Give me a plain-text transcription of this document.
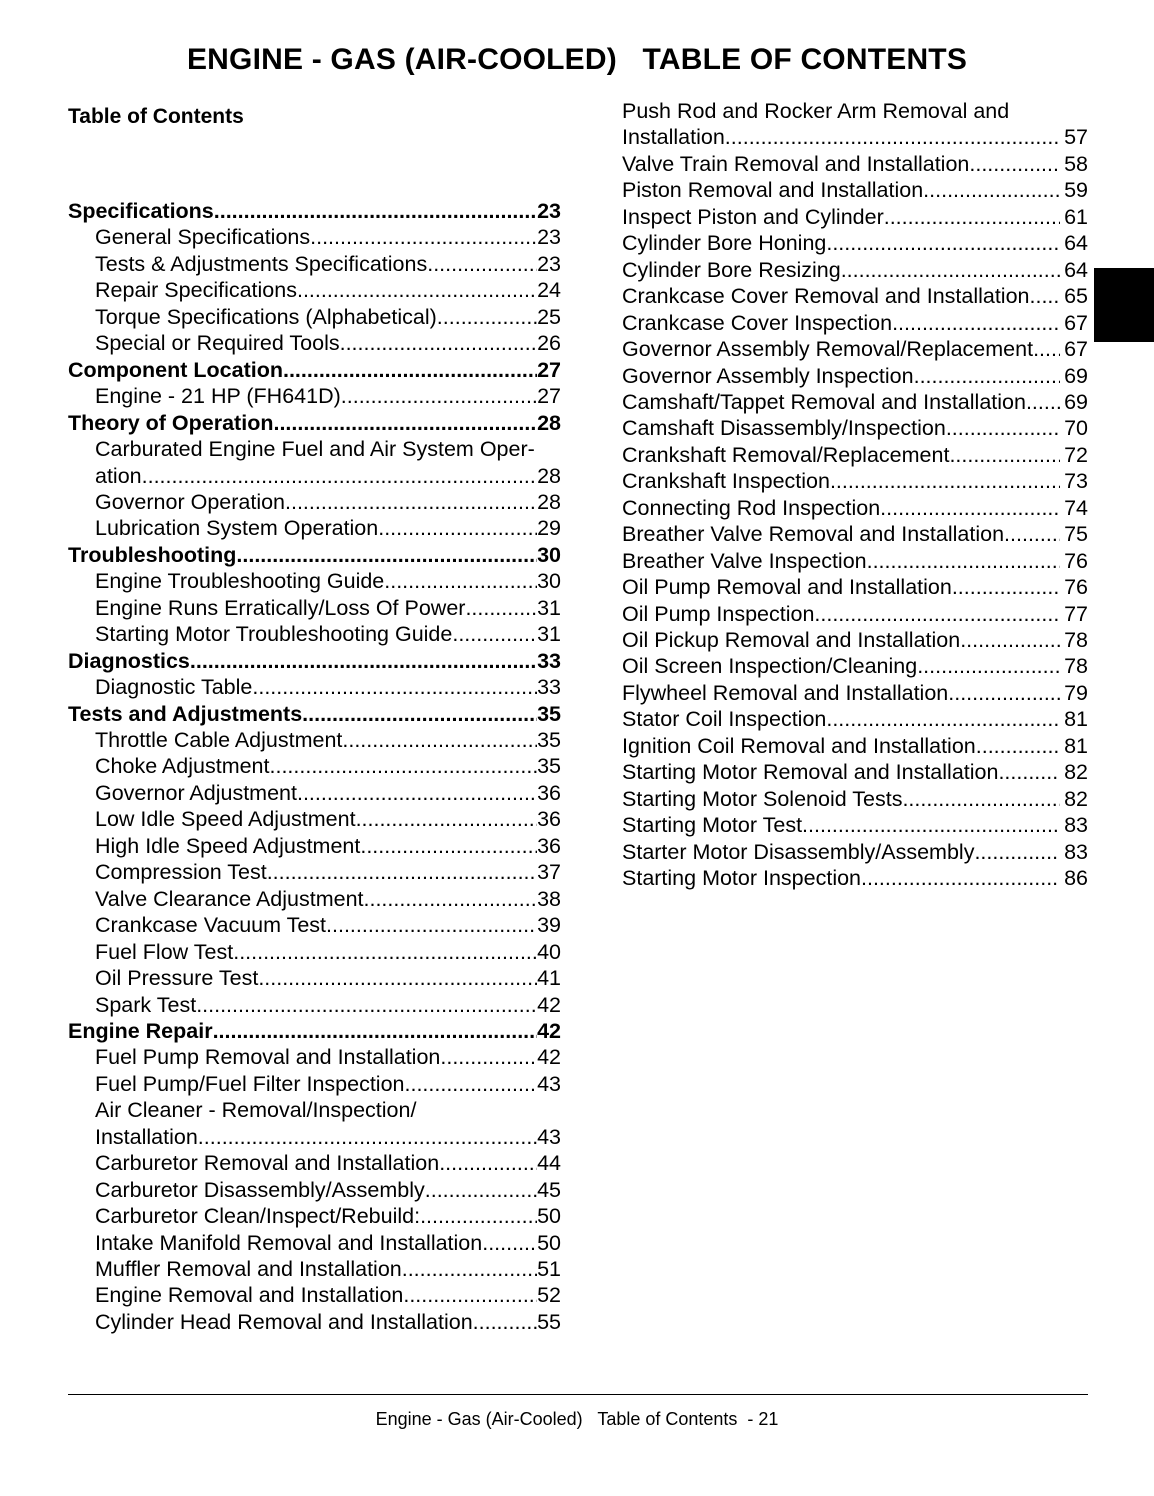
ENGINE - GAS (AIR-COOLED)   TABLE OF CONTENTS
Table of Contents
Specifications .....	23
General Specifications .....	23
Tests & Adjustments Specifications .....	23
Repair Specifications .....	24
Torque Specifications (Alphabetical) .....	25
Special or Required Tools .....	26
Component Location .....	27
Engine - 21 HP (FH641D) .....	27
Theory of Operation .....	28
Carburated Engine Fuel and Air System Oper-
ation .....	28
Governor Operation .....	28
Lubrication System Operation .....	29
Troubleshooting .....	30
Engine Troubleshooting Guide .....	30
Engine Runs Erratically/Loss Of Power .....	31
Starting Motor Troubleshooting Guide .....	31
Diagnostics .....	33
Diagnostic Table .....	33
Tests and Adjustments .....	35
Throttle Cable Adjustment .....	35
Choke Adjustment .....	35
Governor Adjustment .....	36
Low Idle Speed Adjustment .....	36
High Idle Speed Adjustment .....	36
Compression Test .....	37
Valve Clearance Adjustment .....	38
Crankcase Vacuum Test .....	39
Fuel Flow Test .....	40
Oil Pressure Test .....	41
Spark Test .....	42
Engine Repair .....	42
Fuel Pump Removal and Installation .....	42
Fuel Pump/Fuel Filter Inspection .....	43
Air Cleaner - Removal/Inspection/
Installation .....	43
Carburetor Removal and Installation .....	44
Carburetor Disassembly/Assembly .....	45
Carburetor Clean/Inspect/Rebuild: .....	50
Intake Manifold Removal and Installation .....	50
Muffler Removal and Installation .....	51
Engine Removal and Installation .....	52
Cylinder Head Removal and Installation .....	55
Push Rod and Rocker Arm Removal and
Installation .....	57
Valve Train Removal and Installation .....	58
Piston Removal and Installation .....	59
Inspect Piston and Cylinder .....	61
Cylinder Bore Honing .....	64
Cylinder Bore Resizing .....	64
Crankcase Cover Removal and Installation ..... 65
Crankcase Cover Inspection .....	67
Governor Assembly Removal/Replacement ..... 67
Governor Assembly Inspection .....	69
Camshaft/Tappet Removal and Installation ..... 69
Camshaft Disassembly/Inspection .....	70
Crankshaft Removal/Replacement .....	72
Crankshaft Inspection .....	73
Connecting Rod Inspection .....	74
Breather Valve Removal and Installation .....	75
Breather Valve Inspection .....	76
Oil Pump Removal and Installation .....	76
Oil Pump Inspection .....	77
Oil Pickup Removal and Installation .....	78
Oil Screen Inspection/Cleaning .....	78
Flywheel Removal and Installation .....	79
Stator Coil Inspection .....	81
Ignition Coil Removal and Installation .....	81
Starting Motor Removal and Installation .....	82
Starting Motor Solenoid Tests .....	82
Starting Motor Test .....	83
Starter Motor Disassembly/Assembly .....	83
Starting Motor Inspection .....	86
Engine - Gas (Air-Cooled)   Table of Contents  - 21
